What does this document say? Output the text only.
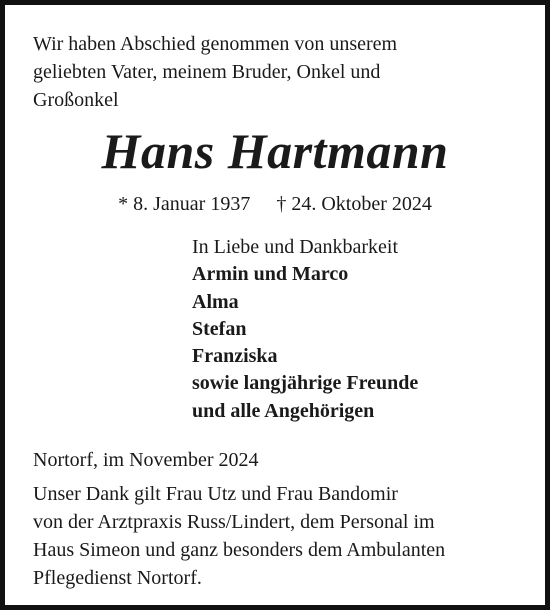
Wir haben Abschied genommen von unserem
geliebten Vater, meinem Bruder, Onkel und
Großonkel
Hans Hartmann
* 8. Januar 1937 † 24. Oktober 2024
In Liebe und Dankbarkeit
Armin und Marco
Alma
Stefan
Franziska
sowie langjährige Freunde
und alle Angehörigen
Nortorf, im November 2024
Unser Dank gilt Frau Utz und Frau Bandomir
von der Arztpraxis Russ/Lindert, dem Personal im
Haus Simeon und ganz besonders dem Ambulanten
Pflegedienst Nortorf.
